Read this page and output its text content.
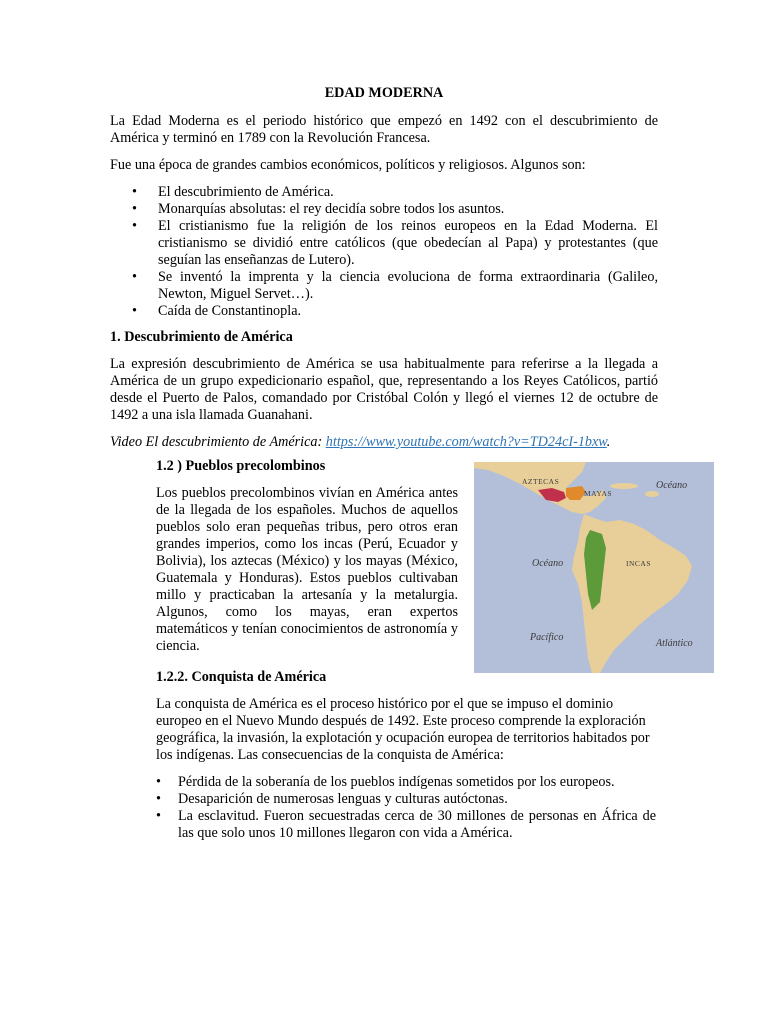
EDAD MODERNA

La Edad Moderna es el periodo histórico que empezó en 1492 con el descubrimiento de América y terminó en 1789 con la Revolución Francesa.

Fue una época de grandes cambios económicos, políticos y religiosos. Algunos son:

• El descubrimiento de América.
• Monarquías absolutas: el rey decidía sobre todos los asuntos.
• El cristianismo fue la religión de los reinos europeos en la Edad Moderna. El cristianismo se dividió entre católicos (que obedecían al Papa) y protestantes (que seguían las enseñanzas de Lutero).
• Se inventó la imprenta y la ciencia evoluciona de forma extraordinaria (Galileo, Newton, Miguel Servet…).
• Caída de Constantinopla.
1. Descubrimiento de América

La expresión descubrimiento de América se usa habitualmente para referirse a la llegada a América de un grupo expedicionario español, que, representando a los Reyes Católicos, partió desde el Puerto de Palos, comandado por Cristóbal Colón y llegó el viernes 12 de octubre de 1492 a una isla llamada Guanahani.

Video El descubrimiento de América: https://www.youtube.com/watch?v=TD24cI-1bxw.
1.2 ) Pueblos precolombinos

Los pueblos precolombinos vivían en América antes de la llegada de los españoles. Muchos de aquellos pueblos solo eran pequeñas tribus, pero otros eran grandes imperios, como los incas (Perú, Ecuador y Bolivia), los aztecas (México) y los mayas (México, Guatemala y Honduras). Estos pueblos cultivaban millo y practicaban la artesanía y la metalurgia. Algunos, como los mayas, eran expertos matemáticos y tenían conocimientos de astronomía y ciencia.

AZTECAS
MAYAS
INCAS
Océano
Océano
Pacífico
Atlántico
1.2.2. Conquista de América

La conquista de América es el proceso histórico por el que se impuso el dominio europeo en el Nuevo Mundo después de 1492. Este proceso comprende la exploración geográfica, la invasión, la explotación y ocupación europea de territorios habitados por los indígenas. Las consecuencias de la conquista de América:

• Pérdida de la soberanía de los pueblos indígenas sometidos por los europeos.
• Desaparición de numerosas lenguas y culturas autóctonas.
• La esclavitud. Fueron secuestradas cerca de 30 millones de personas en África de las que solo unos 10 millones llegaron con vida a América.
